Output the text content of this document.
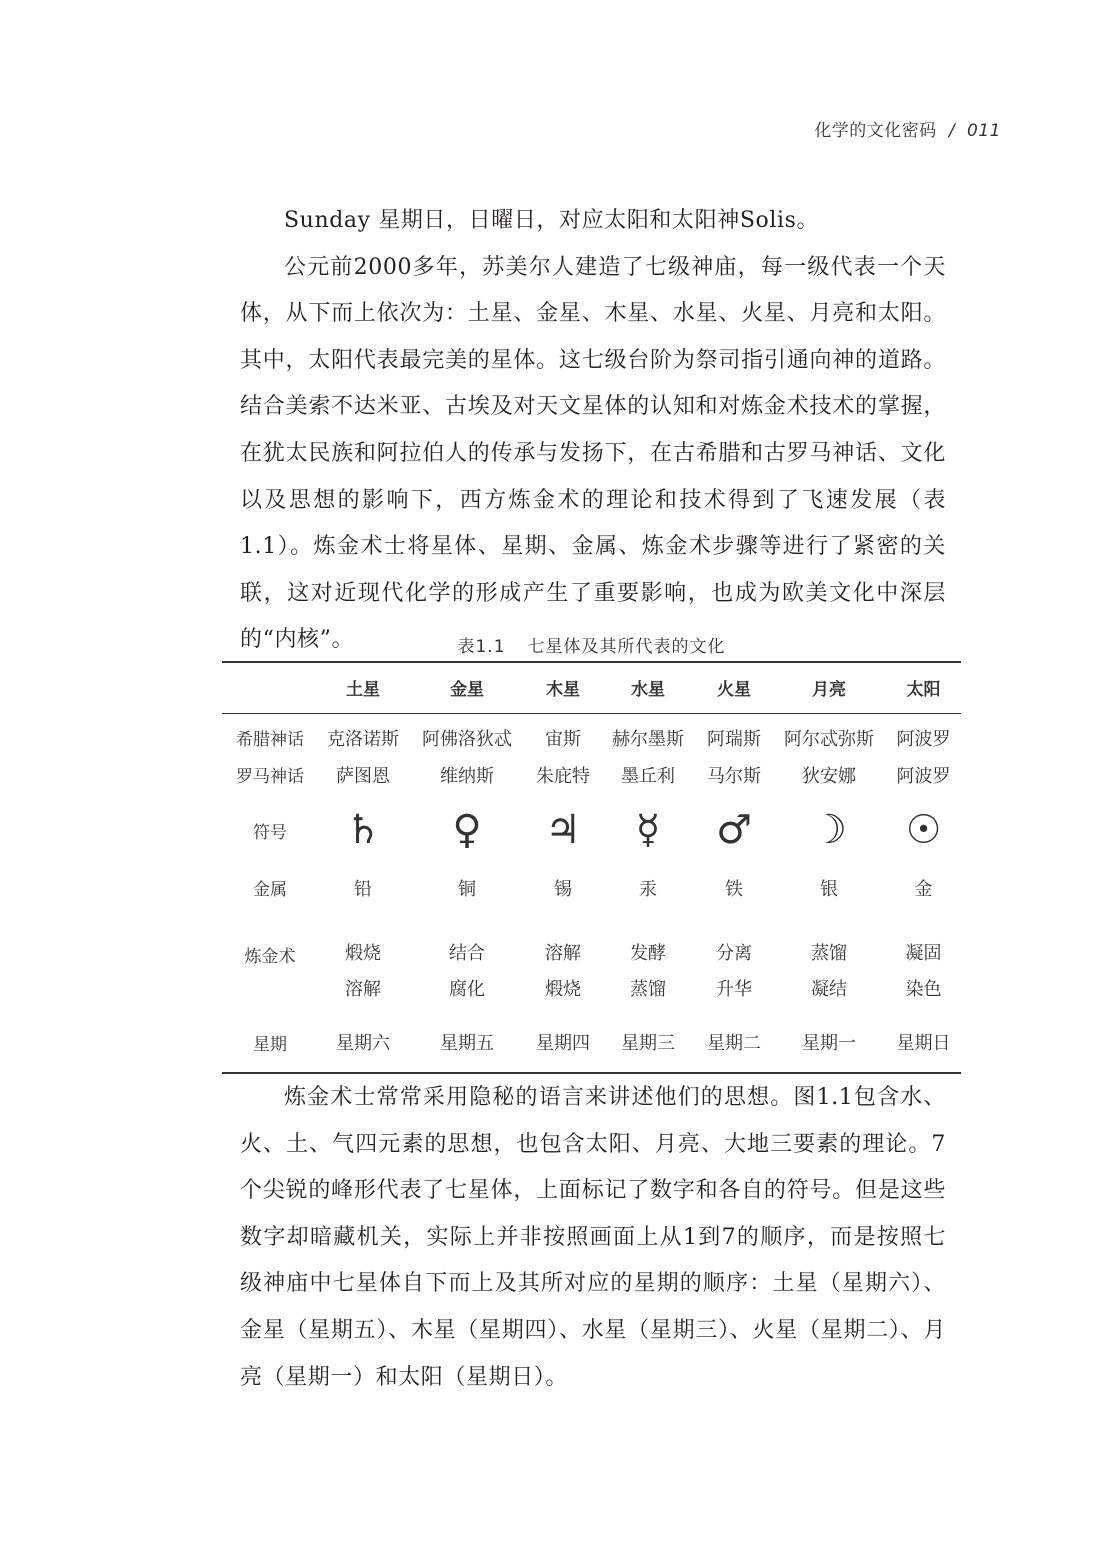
化学的文化密码 / 011

Sunday 星期日，日曜日，对应太阳和太阳神Solis。

公元前2000多年，苏美尔人建造了七级神庙，每一级代表一个天体，从下而上依次为：土星、金星、木星、水星、火星、月亮和太阳。其中，太阳代表最完美的星体。这七级台阶为祭司指引通向神的道路。结合美索不达米亚、古埃及对天文星体的认知和对炼金术技术的掌握，在犹太民族和阿拉伯人的传承与发扬下，在古希腊和古罗马神话、文化以及思想的影响下，西方炼金术的理论和技术得到了飞速发展（表1.1）。炼金术士将星体、星期、金属、炼金术步骤等进行了紧密的关联，这对近现代化学的形成产生了重要影响，也成为欧美文化中深层的“内核”。	表1.1 七星体及其所代表的文化
	土星	金星	木星	水星	火星	月亮	太阳
希腊神话	克洛诺斯	阿佛洛狄忒	宙斯	赫尔墨斯	阿瑞斯	阿尔忒弥斯	阿波罗
罗马神话	萨图恩	维纳斯	朱庇特	墨丘利	马尔斯	狄安娜	阿波罗
符号	♄	♀	♃	☿	♂	☽	☉
金属	铅	铜	锡	汞	铁	银	金
炼金术	煅烧	结合	溶解	发酵	分离	蒸馏	凝固
	溶解	腐化	煅烧	蒸馏	升华	凝结	染色
星期	星期六	星期五	星期四	星期三	星期二	星期一	星期日

炼金术士常常采用隐秘的语言来讲述他们的思想。图1.1包含水、火、土、气四元素的思想，也包含太阳、月亮、大地三要素的理论。7个尖锐的峰形代表了七星体，上面标记了数字和各自的符号。但是这些数字却暗藏机关，实际上并非按照画面上从1到7的顺序，而是按照七级神庙中七星体自下而上及其所对应的星期的顺序：土星（星期六）、金星（星期五）、木星（星期四）、水星（星期三）、火星（星期二）、月亮（星期一）和太阳（星期日）。
